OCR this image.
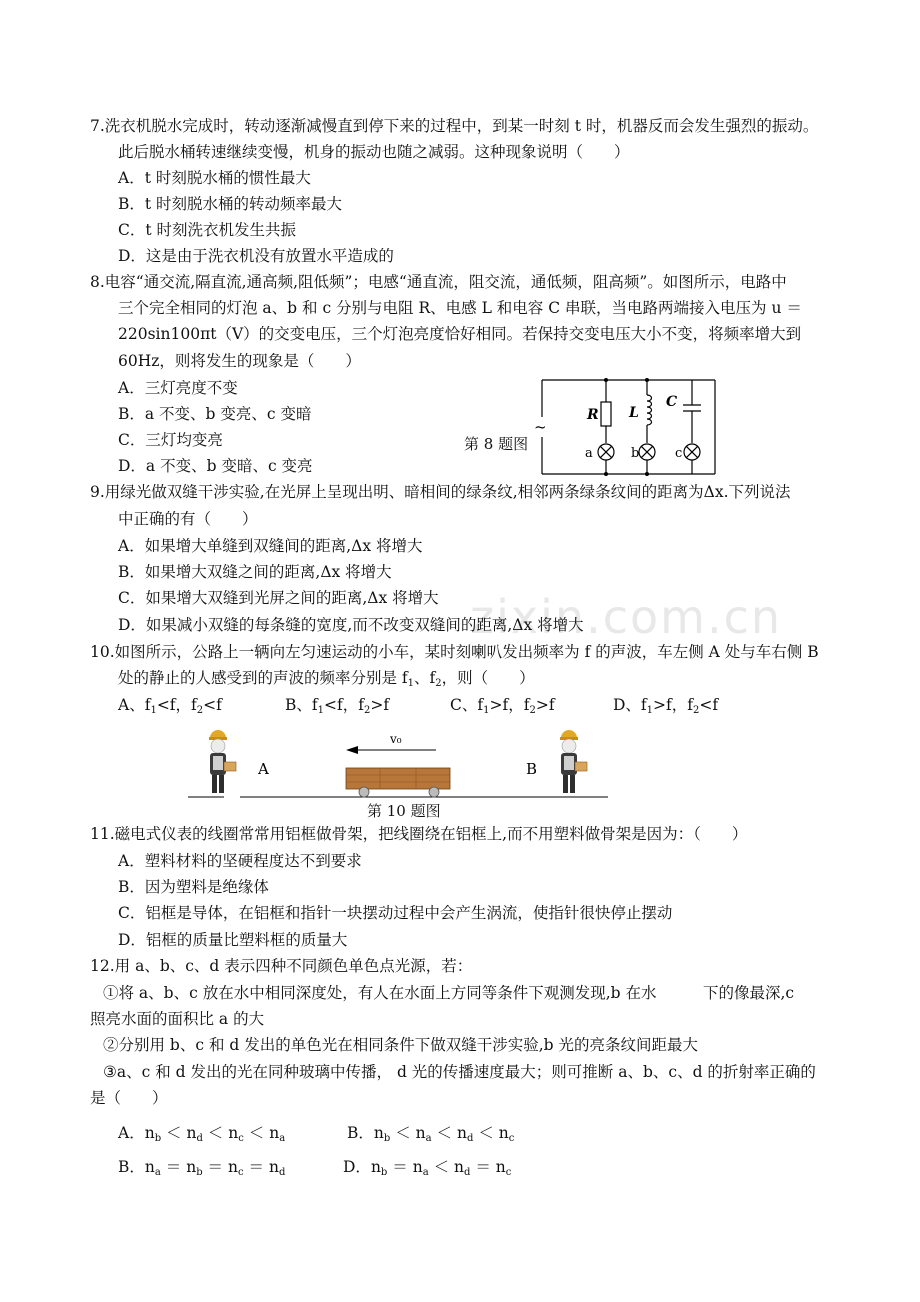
zixin.com.cn
7.洗衣机脱水完成时，转动逐渐减慢直到停下来的过程中，到某一时刻 t 时，机器反而会发生强烈的振动。
此后脱水桶转速继续变慢，机身的振动也随之减弱。这种现象说明（　　）
A．t 时刻脱水桶的惯性最大
B．t 时刻脱水桶的转动频率最大
C．t 时刻洗衣机发生共振
D．这是由于洗衣机没有放置水平造成的
8.电容“通交流,隔直流,通高频,阻低频”；电感“通直流，阻交流，通低频，阻高频”。如图所示，电路中
三个完全相同的灯泡 a、b 和 c 分别与电阻 R、电感 L 和电容 C 串联，当电路两端接入电压为 u ＝
220sin100πt（V）的交变电压，三个灯泡亮度恰好相同。若保持交变电压大小不变，将频率增大到
60Hz，则将发生的现象是（　　）
A．三灯亮度不变
B．a 不变、b 变亮、c 变暗
C．三灯均变亮
D．a 不变、b 变暗、c 变亮
第 8 题图
~
R L
C
a	b	c
9.用绿光做双缝干涉实验,在光屏上呈现出明、暗相间的绿条纹,相邻两条绿条纹间的距离为Δx.下列说法
中正确的有（　　）
A．如果增大单缝到双缝间的距离,Δx 将增大
B．如果增大双缝之间的距离,Δx 将增大
C．如果增大双缝到光屏之间的距离,Δx 将增大
D．如果减小双缝的每条缝的宽度,而不改变双缝间的距离,Δx 将增大
10.如图所示，公路上一辆向左匀速运动的小车，某时刻喇叭发出频率为 f 的声波，车左侧 A 处与车右侧 B
处的静止的人感受到的声波的频率分别是 $f_1$、$f_2$，则（　　）
A、$f_1<f$，$f_2<f$	B、$f_1<f$，$f_2>f$	C、$f_1>f$，$f_2>f$	D、$f_1>f$，$f_2<f$
A
v₀
B
第 10 题图
11.磁电式仪表的线圈常常用铝框做骨架，把线圈绕在铝框上,而不用塑料做骨架是因为：（　　）
A．塑料材料的坚硬程度达不到要求
B．因为塑料是绝缘体
C．铝框是导体，在铝框和指针一块摆动过程中会产生涡流，使指针很快停止摆动
D．铝框的质量比塑料框的质量大
12.用 a、b、c、d 表示四种不同颜色单色点光源，若：
①将 a、b、c 放在水中相同深度处，有人在水面上方同等条件下观测发现,b 在水　　　下的像最深,c
照亮水面的面积比 a 的大
②分别用 b、c 和 d 发出的单色光在相同条件下做双缝干涉实验,b 光的亮条纹间距最大
③a、c 和 d 发出的光在同种玻璃中传播， d 光的传播速度最大；则可推断 a、b、c、d 的折射率正确的
是（　　）
A．$n_b < n_d < n_c < n_a$	B．$n_b < n_a < n_d < n_c$
B．$n_a = n_b = n_c = n_d$	D．$n_b = n_a < n_d = n_c$
